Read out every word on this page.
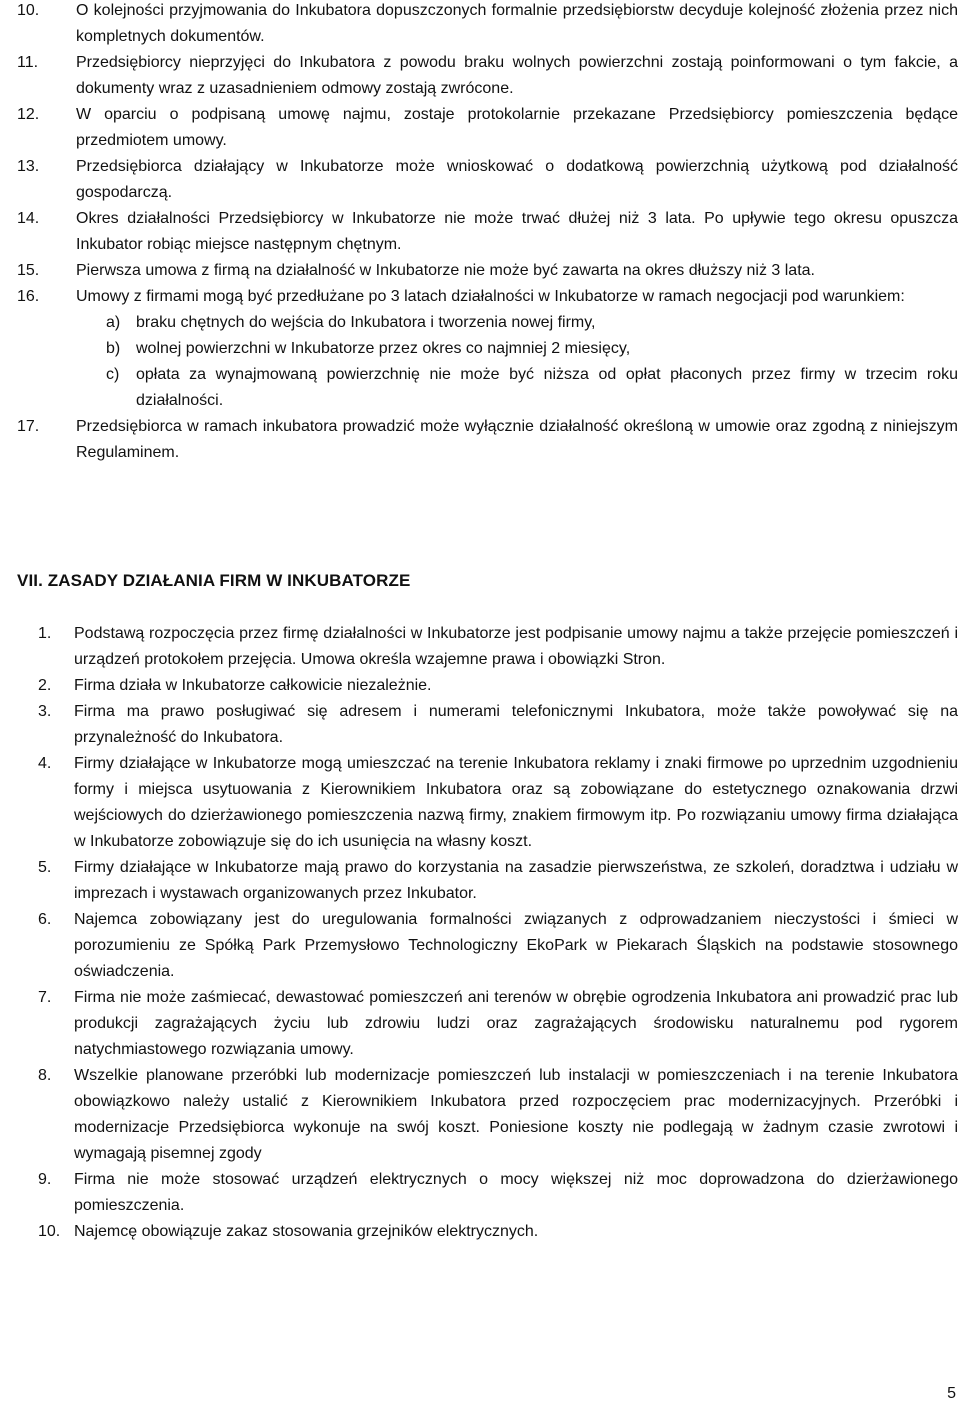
10. O kolejności przyjmowania do Inkubatora dopuszczonych formalnie przedsiębiorstw decyduje kolejność złożenia przez nich kompletnych dokumentów.
11. Przedsiębiorcy nieprzyjęci do Inkubatora z powodu braku wolnych powierzchni zostają poinformowani o tym fakcie, a dokumenty wraz z uzasadnieniem odmowy zostają zwrócone.
12. W oparciu o podpisaną umowę najmu, zostaje protokolarnie przekazane Przedsiębiorcy pomieszczenia będące przedmiotem umowy.
13. Przedsiębiorca działający w Inkubatorze może wnioskować o dodatkową powierzchnią użytkową pod działalność gospodarczą.
14. Okres działalności Przedsiębiorcy w Inkubatorze nie może trwać dłużej niż 3 lata. Po upływie tego okresu opuszcza Inkubator robiąc miejsce następnym chętnym.
15. Pierwsza umowa z firmą na działalność w Inkubatorze nie może być zawarta na okres dłuższy niż 3 lata.
16. Umowy z firmami mogą być przedłużane po 3 latach działalności w Inkubatorze w ramach negocjacji pod warunkiem:
a) braku chętnych do wejścia do Inkubatora i tworzenia nowej firmy,
b) wolnej powierzchni w Inkubatorze przez okres co najmniej 2 miesięcy,
c) opłata za wynajmowaną powierzchnię nie może być niższa od opłat płaconych przez firmy w trzecim roku działalności.
17. Przedsiębiorca w ramach inkubatora prowadzić może wyłącznie działalność określoną w umowie oraz zgodną z niniejszym Regulaminem.
VII. ZASADY DZIAŁANIA FIRM W INKUBATORZE
1. Podstawą rozpoczęcia przez firmę działalności w Inkubatorze jest podpisanie umowy najmu a także przejęcie pomieszczeń i urządzeń protokołem przejęcia. Umowa określa wzajemne prawa i obowiązki Stron.
2. Firma działa w Inkubatorze całkowicie niezależnie.
3. Firma ma prawo posługiwać się adresem i numerami telefonicznymi Inkubatora, może także powoływać się na przynależność do Inkubatora.
4. Firmy działające w Inkubatorze mogą umieszczać na terenie Inkubatora reklamy i znaki firmowe po uprzednim uzgodnieniu formy i miejsca usytuowania z Kierownikiem Inkubatora oraz są zobowiązane do estetycznego oznakowania drzwi wejściowych do dzierżawionego pomieszczenia nazwą firmy, znakiem firmowym itp. Po rozwiązaniu umowy firma działająca w Inkubatorze zobowiązuje się do ich usunięcia na własny koszt.
5. Firmy działające w Inkubatorze mają prawo do korzystania na zasadzie pierwszeństwa, ze szkoleń, doradztwa i udziału w imprezach i wystawach organizowanych przez Inkubator.
6. Najemca zobowiązany jest do uregulowania formalności związanych z odprowadzaniem nieczystości i śmieci w porozumieniu ze Spółką Park Przemysłowo Technologiczny EkoPark w Piekarach Śląskich na podstawie stosownego oświadczenia.
7. Firma nie może zaśmiecać, dewastować pomieszczeń ani terenów w obrębie ogrodzenia Inkubatora ani prowadzić prac lub produkcji zagrażających życiu lub zdrowiu ludzi oraz zagrażających środowisku naturalnemu pod rygorem natychmiastowego rozwiązania umowy.
8. Wszelkie planowane przeróbki lub modernizacje pomieszczeń lub instalacji w pomieszczeniach i na terenie Inkubatora obowiązkowo należy ustalić z Kierownikiem Inkubatora przed rozpoczęciem prac modernizacyjnych. Przeróbki i modernizacje Przedsiębiorca wykonuje na swój koszt. Poniesione koszty nie podlegają w żadnym czasie zwrotowi i wymagają pisemnej zgody
9. Firma nie może stosować urządzeń elektrycznych o mocy większej niż moc doprowadzona do dzierżawionego pomieszczenia.
10. Najemcę obowiązuje zakaz stosowania grzejników elektrycznych.
5
